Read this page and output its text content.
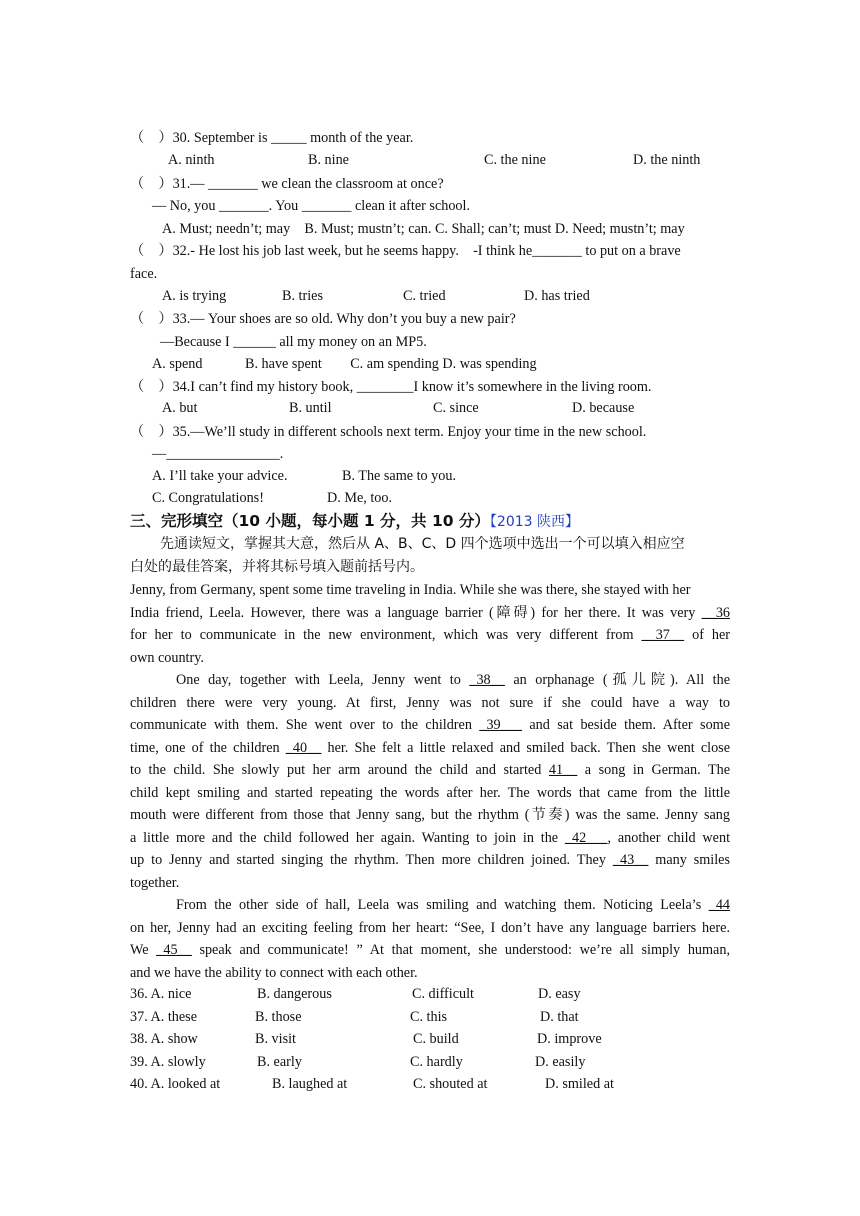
（　）30. September is _____ month of the year.
A. ninth	B. nine	C. the nine	D. the ninth
（　）31.— _______ we clean the classroom at once?
— No, you _______. You _______ clean it after school.
A. Must; needn’t; may　B. Must; mustn’t; can. C. Shall; can’t; must D. Need; mustn’t; may
（　）32.- He lost his job last week, but he seems happy.　-I think he_______ to put on a brave
face.
A. is trying	B. tries	C. tried	D. has tried
（　）33.— Your shoes are so old. Why don’t you buy a new pair?
—Because I ______ all my money on an MP5.
A. spend　　　B. have spent　　C. am spending D. was spending
（　）34.I can’t find my history book, ________I know it’s somewhere in the living room.
A. but	B. until	C. since	D. because
（　）35.—We’ll study in different schools next term. Enjoy your time in the new school.
—________________.
A. I’ll take your advice.	B. The same to you.
C. Congratulations!	D. Me, too.
三、完形填空（10 小题，每小题 1 分，共 10 分）【2013 陕西】
先通读短文，掌握其大意，然后从 A、B、C、D 四个选项中选出一个可以填入相应空
白处的最佳答案，并将其标号填入题前括号内。
Jenny, from Germany, spent some time traveling in India. While she was there, she stayed with her
India friend, Leela. However, there was a language barrier (障碍) for her there. It was very __36
for her to communicate in the new environment, which was very different from __37__ of her
own country.
One day, together with Leela, Jenny went to _38__ an orphanage (孤儿院). All the
children there were very young. At first, Jenny was not sure if she could have a way to
communicate with them. She went over to the children _39___ and sat beside them. After some
time, one of the children _40__ her. She felt a little relaxed and smiled back. Then she went close
to the child. She slowly put her arm around the child and started 41__ a song in German. The
child kept smiling and started repeating the words after her. The words that came from the little
mouth were different from those that Jenny sang, but the rhythm (节奏) was the same. Jenny sang
a little more and the child followed her again. Wanting to join in the _42___, another child went
up to Jenny and started singing the rhythm. Then more children joined. They _43__ many smiles
together.
From the other side of hall, Leela was smiling and watching them. Noticing Leela’s _44
on her, Jenny had an exciting feeling from her heart: “See, I don’t have any language barriers here.
We _45__ speak and communicate! ” At that moment, she understood: we’re all simply human,
and we have the ability to connect with each other.
36. A. nice	B. dangerous	C. difficult	D. easy
37. A. these	B. those	C. this	D. that
38. A. show	B. visit	C. build	D. improve
39. A. slowly	B. early	C. hardly	D. easily
40. A. looked at	B. laughed at	C. shouted at	D. smiled at
